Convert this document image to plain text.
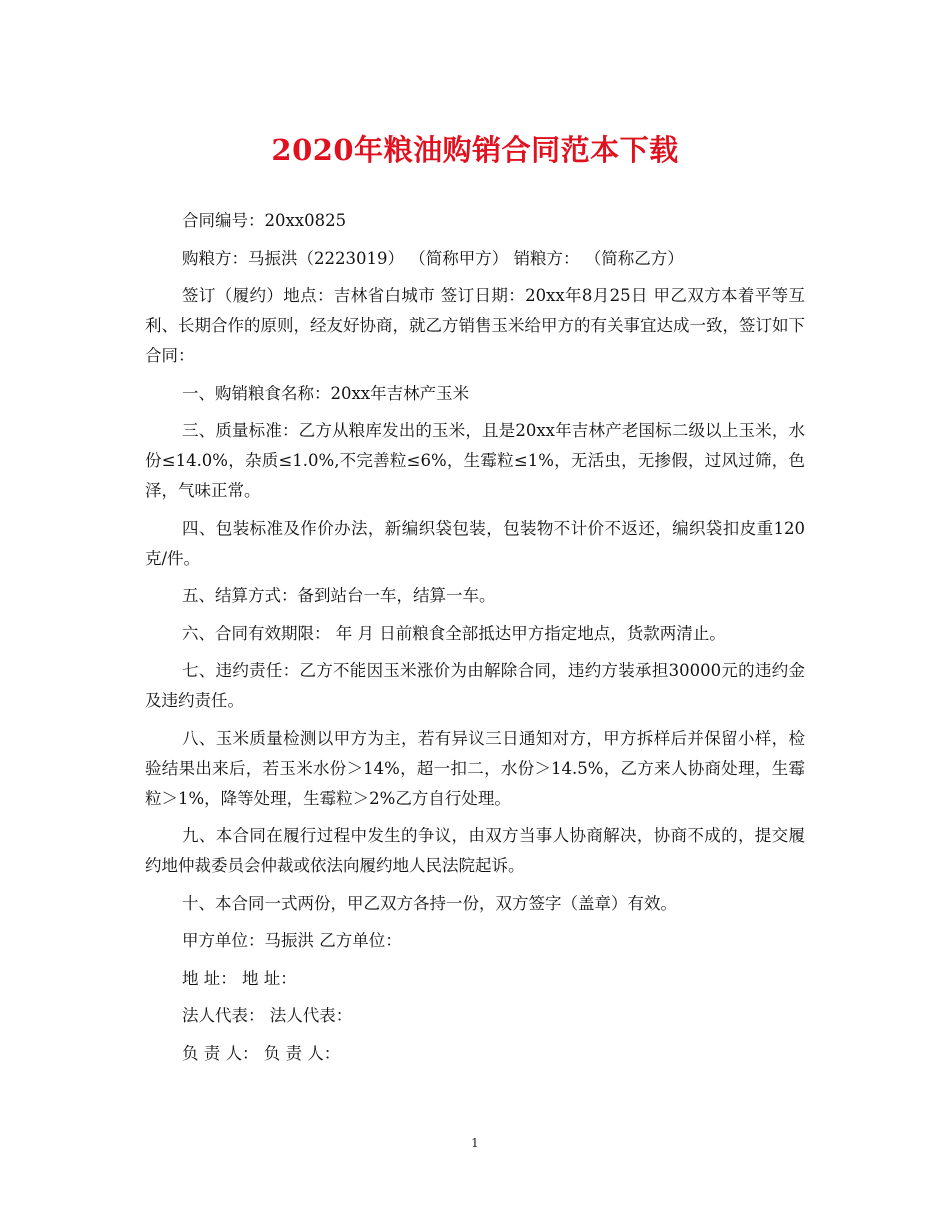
2020年粮油购销合同范本下载

合同编号：20xx0825

购粮方：马振洪（2223019） （简称甲方） 销粮方： （简称乙方）

签订（履约）地点：吉林省白城市 签订日期：20xx年8月25日 甲乙双方本着平等互利、长期合作的原则，经友好协商，就乙方销售玉米给甲方的有关事宜达成一致，签订如下合同：

一、购销粮食名称：20xx年吉林产玉米

三、质量标准：乙方从粮库发出的玉米，且是20xx年吉林产老国标二级以上玉米，水份≤14.0%，杂质≤1.0%,不完善粒≤6%，生霉粒≤1%，无活虫，无掺假，过风过筛，色泽，气味正常。

四、包装标准及作价办法，新编织袋包装，包装物不计价不返还，编织袋扣皮重120克/件。

五、结算方式：备到站台一车，结算一车。

六、合同有效期限： 年 月 日前粮食全部抵达甲方指定地点，货款两清止。

七、违约责任：乙方不能因玉米涨价为由解除合同，违约方装承担30000元的违约金及违约责任。

八、玉米质量检测以甲方为主，若有异议三日通知对方，甲方拆样后并保留小样，检验结果出来后，若玉米水份＞14%，超一扣二，水份＞14.5%，乙方来人协商处理，生霉粒＞1%，降等处理，生霉粒＞2%乙方自行处理。

九、本合同在履行过程中发生的争议，由双方当事人协商解决，协商不成的，提交履约地仲裁委员会仲裁或依法向履约地人民法院起诉。

十、本合同一式两份，甲乙双方各持一份，双方签字（盖章）有效。

甲方单位：马振洪 乙方单位：

地 址： 地 址：

法人代表： 法人代表：

负 责 人： 负 责 人：

1
